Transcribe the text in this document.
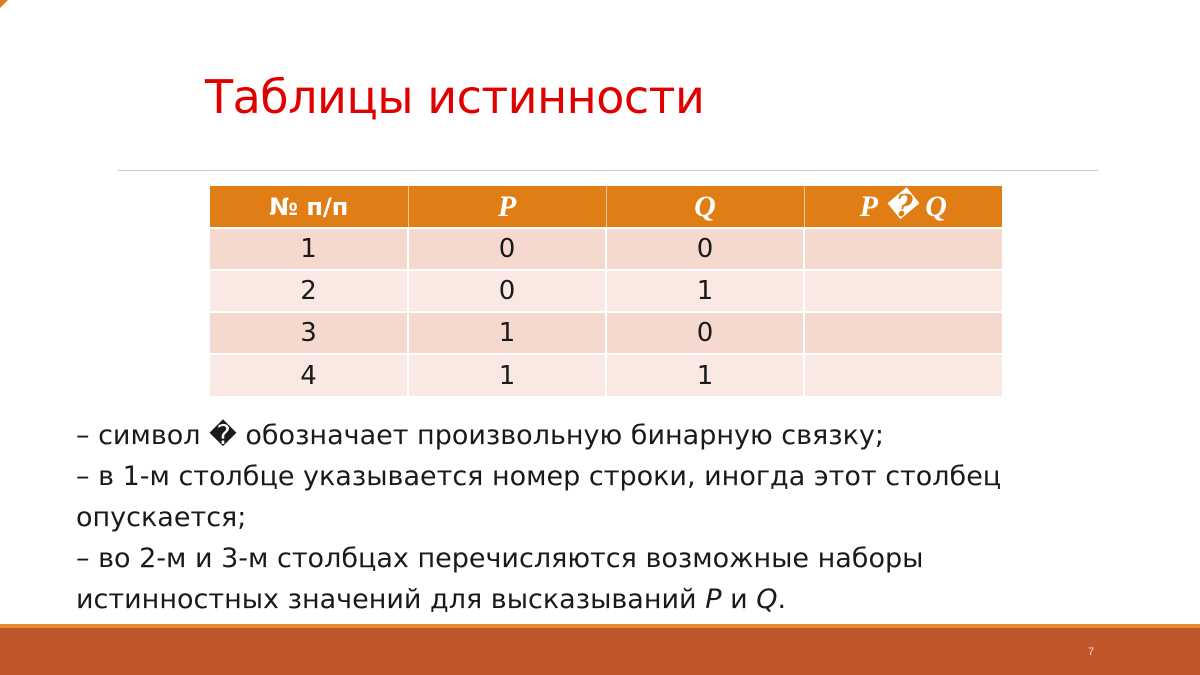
Таблицы истинности
№ п/п	P	Q	P � Q
1	0	0	
2	0	1	
3	1	0	
4	1	1	
– символ � обозначает произвольную бинарную связку;
– в 1-м столбце указывается номер строки, иногда этот столбец опускается;
– во 2-м и 3-м столбцах перечисляются возможные наборы истинностных значений для высказываний P и Q.
7
